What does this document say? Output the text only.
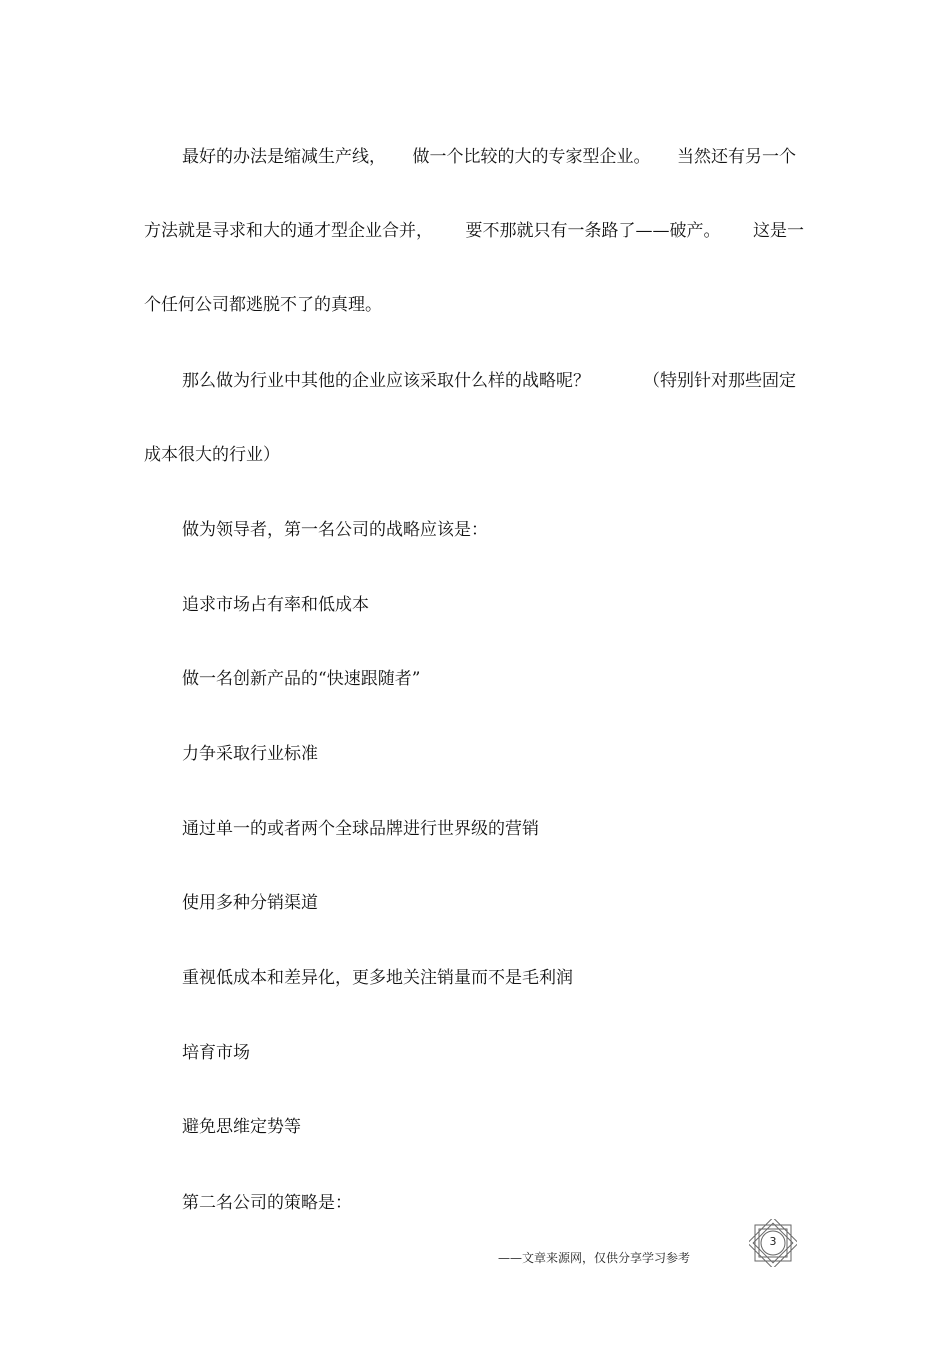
最好的办法是缩减生产线， 做一个比较的大的专家型企业。 当然还有另一个
方法就是寻求和大的通才型企业合并， 要不那就只有一条路了——破产。 这是一
个任何公司都逃脱不了的真理。
那么做为行业中其他的企业应该采取什么样的战略呢？	（特别针对那些固定
成本很大的行业）
做为领导者，第一名公司的战略应该是：
追求市场占有率和低成本
做一名创新产品的“快速跟随者”
力争采取行业标准
通过单一的或者两个全球品牌进行世界级的营销
使用多种分销渠道
重视低成本和差异化，更多地关注销量而不是毛利润
培育市场
避免思维定势等
第二名公司的策略是：
3
——文章来源网，仅供分享学习参考
